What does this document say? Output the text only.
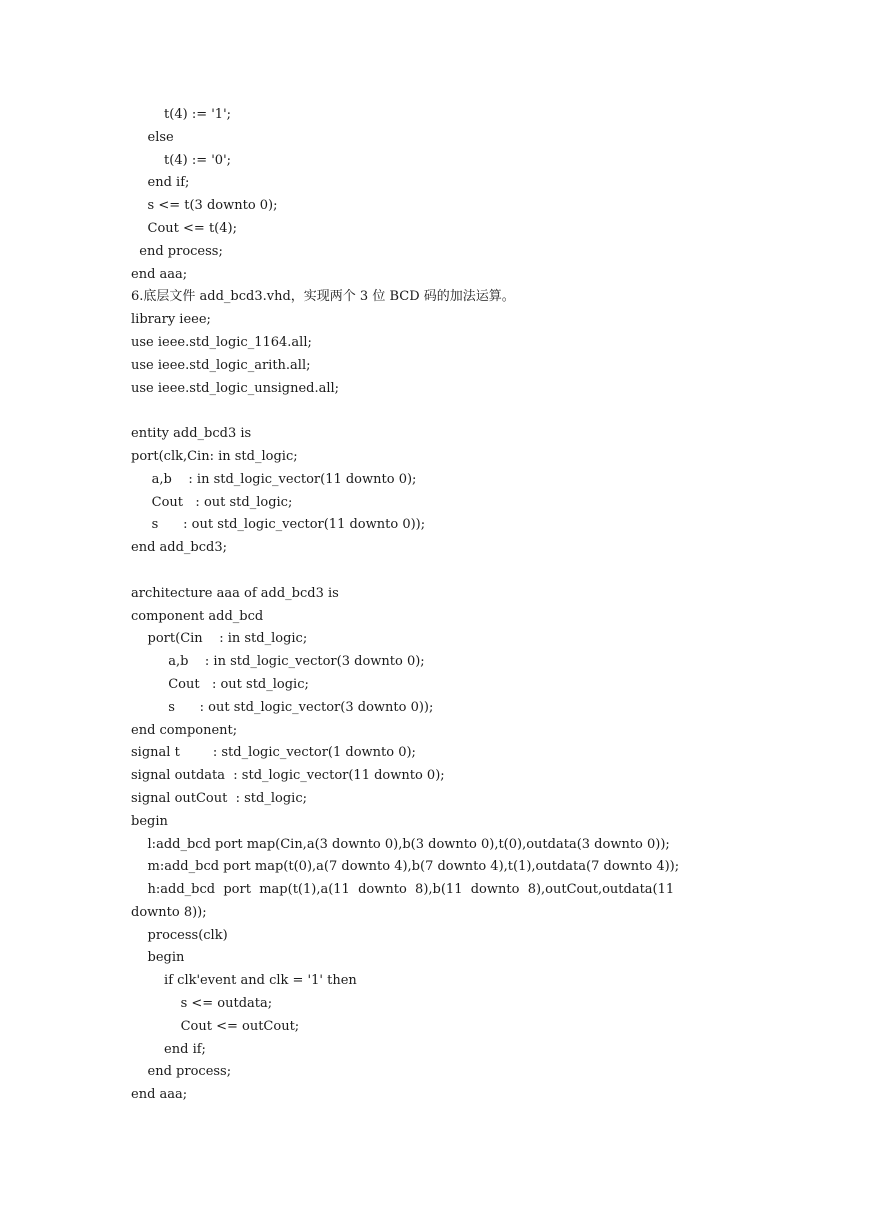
t(4) := '1';
else
t(4) := '0';
end if;
s <= t(3 downto 0);
Cout <= t(4);
end process;
end aaa;
6.底层文件 add_bcd3.vhd，实现两个 3 位 BCD 码的加法运算。
library ieee;
use ieee.std_logic_1164.all;
use ieee.std_logic_arith.all;
use ieee.std_logic_unsigned.all;
entity add_bcd3 is
port(clk,Cin: in std_logic;
a,b    : in std_logic_vector(11 downto 0);
Cout   : out std_logic;
s      : out std_logic_vector(11 downto 0));
end add_bcd3;
architecture aaa of add_bcd3 is
component add_bcd
port(Cin    : in std_logic;
a,b    : in std_logic_vector(3 downto 0);
Cout   : out std_logic;
s      : out std_logic_vector(3 downto 0));
end component;
signal t        : std_logic_vector(1 downto 0);
signal outdata  : std_logic_vector(11 downto 0);
signal outCout  : std_logic;
begin
l:add_bcd port map(Cin,a(3 downto 0),b(3 downto 0),t(0),outdata(3 downto 0));
m:add_bcd port map(t(0),a(7 downto 4),b(7 downto 4),t(1),outdata(7 downto 4));
h:add_bcd  port  map(t(1),a(11  downto  8),b(11  downto  8),outCout,outdata(11
downto 8));
process(clk)
begin
if clk'event and clk = '1' then
s <= outdata;
Cout <= outCout;
end if;
end process;
end aaa;
